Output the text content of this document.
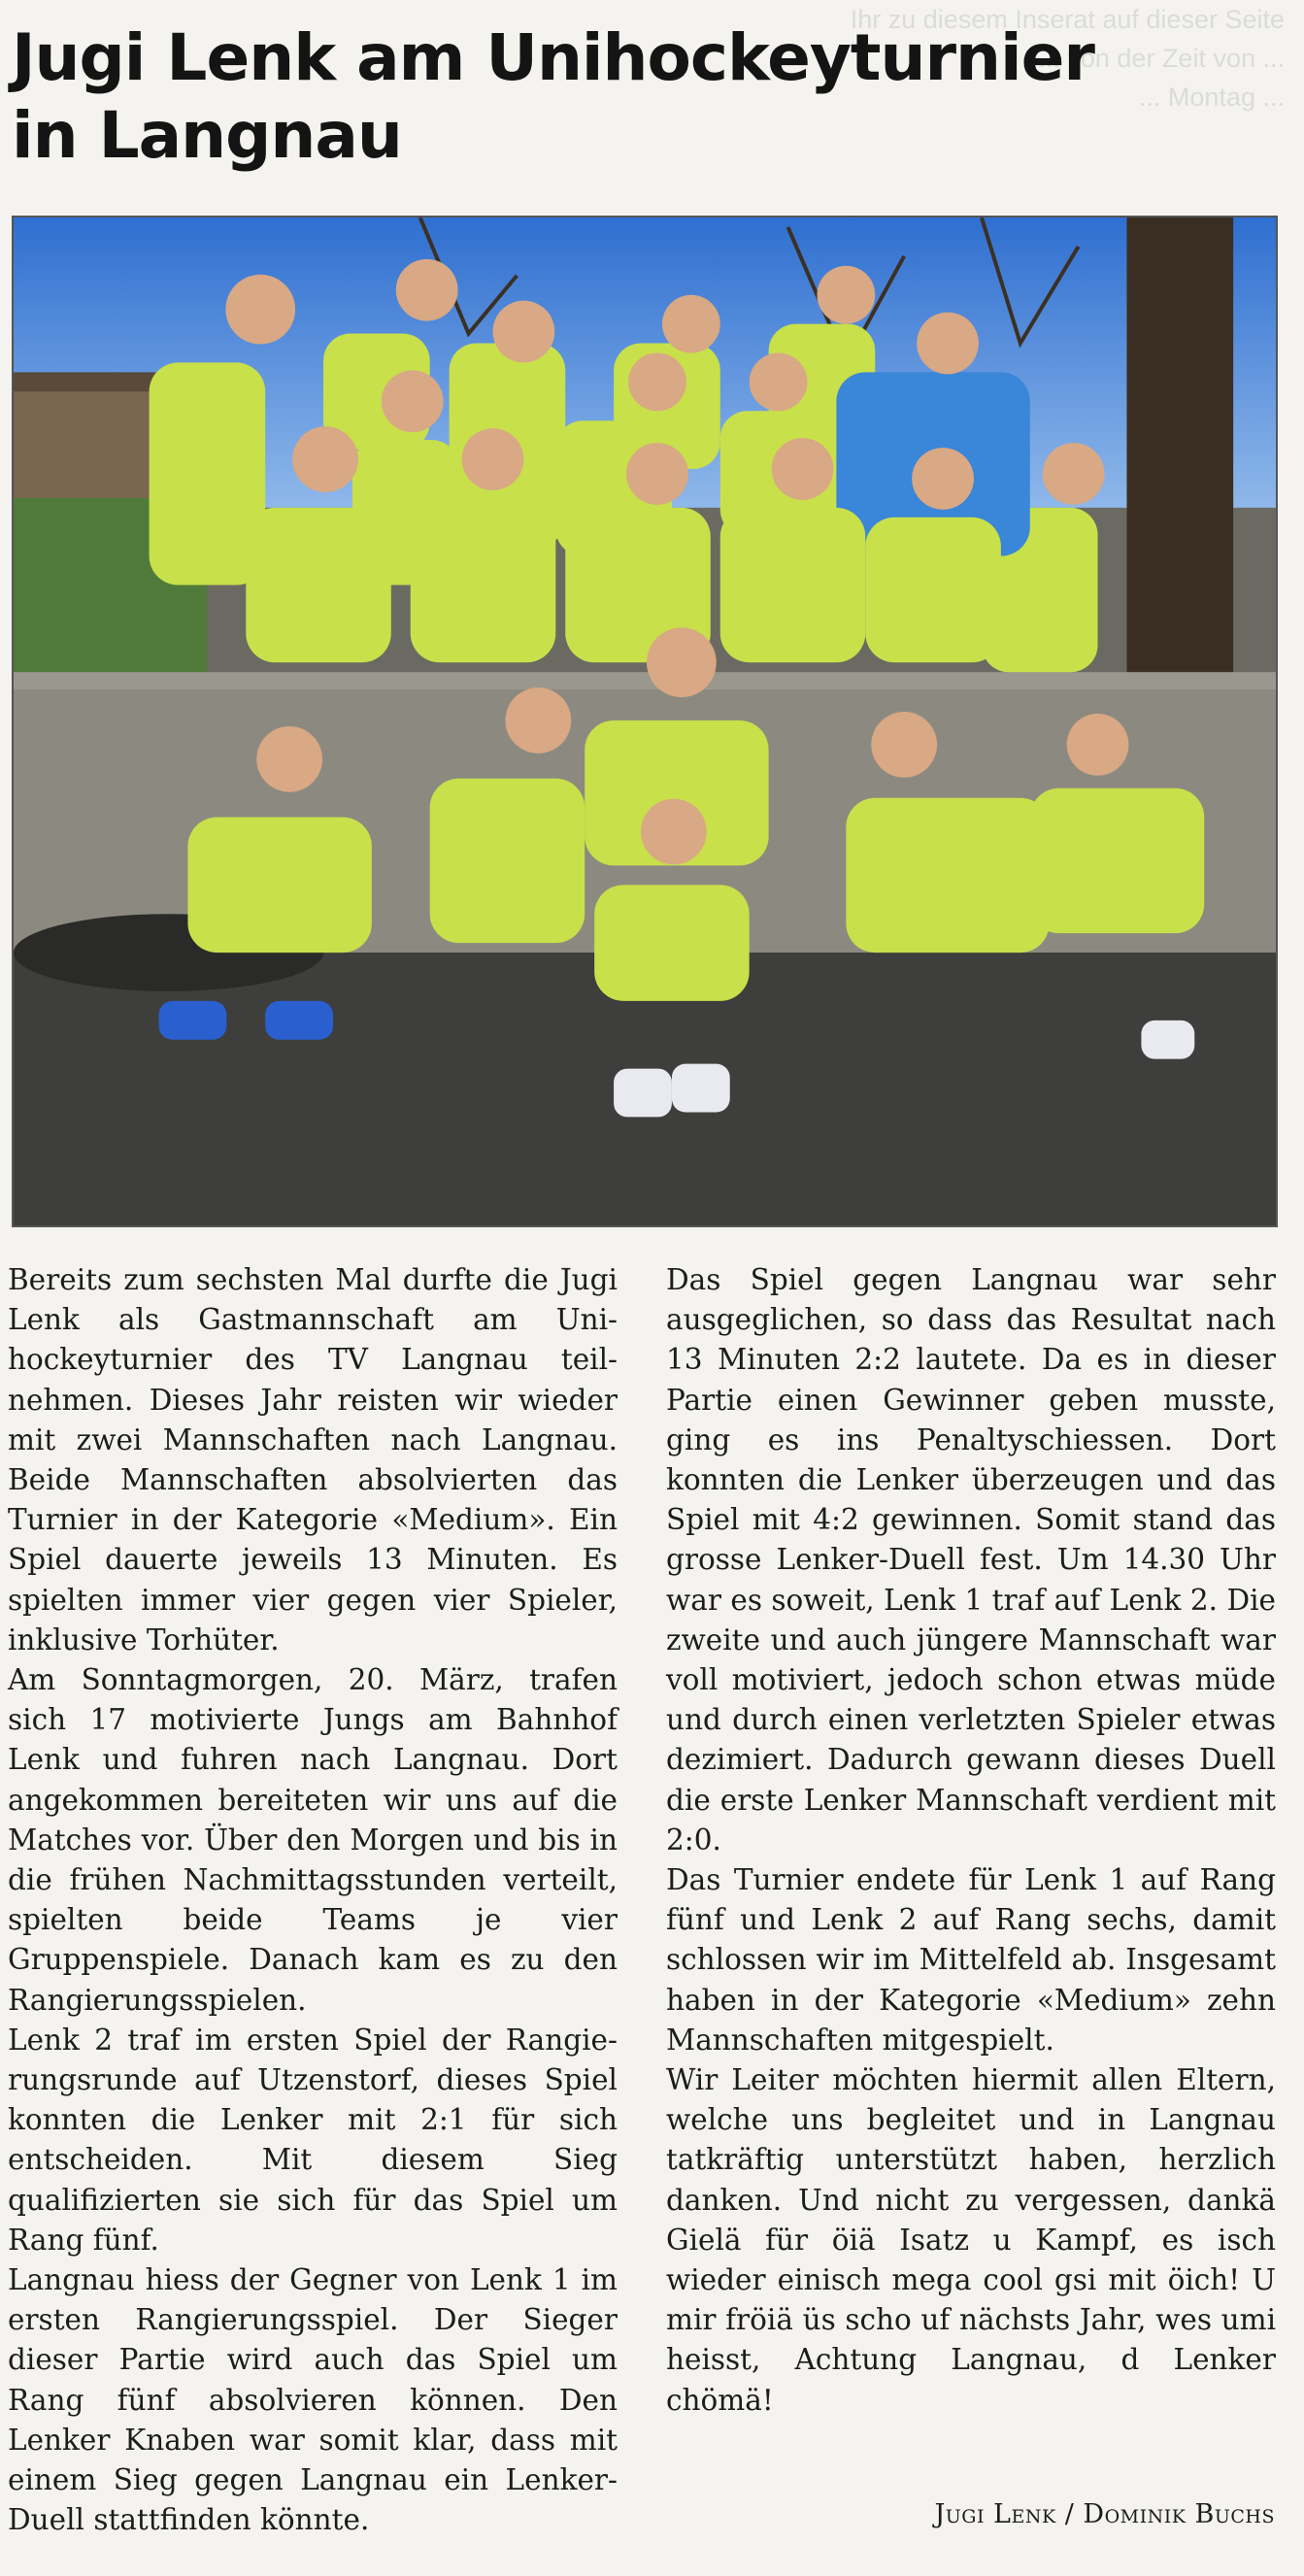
Ihr zu diesem Inserat auf dieser Seite
... von der Zeit von ...
... Montag ...
Jugi Lenk am Unihockeyturnier
in Langnau

Bereits zum sechsten Mal durfte die Jugi Lenk als Gastmannschaft am Unihockeyturnier des TV Langnau teilnehmen. Dieses Jahr reisten wir wieder mit zwei Mannschaften nach Langnau. Beide Mannschaften absolvierten das Turnier in der Kategorie «Medium». Ein Spiel dauerte jeweils 13 Minuten. Es spielten immer vier gegen vier Spieler, inklusive Torhüter.

Am Sonntagmorgen, 20. März, trafen sich 17 motivierte Jungs am Bahnhof Lenk und fuhren nach Langnau. Dort angekommen bereiteten wir uns auf die Matches vor. Über den Morgen und bis in die frühen Nachmittagsstunden verteilt, spielten beide Teams je vier Gruppenspiele. Danach kam es zu den Rangierungsspielen.

Lenk 2 traf im ersten Spiel der Rangierungsrunde auf Utzenstorf, dieses Spiel konnten die Lenker mit 2:1 für sich entscheiden. Mit diesem Sieg qualifizierten sie sich für das Spiel um Rang fünf.

Langnau hiess der Gegner von Lenk 1 im ersten Rangierungsspiel. Der Sieger dieser Partie wird auch das Spiel um Rang fünf absolvieren können. Den Lenker Knaben war somit klar, dass mit einem Sieg gegen Langnau ein Lenker-Duell stattfinden könnte.

Das Spiel gegen Langnau war sehr ausgeglichen, so dass das Resultat nach 13 Minuten 2:2 lautete. Da es in dieser Partie einen Gewinner geben musste, ging es ins Penaltyschiessen. Dort konnten die Lenker überzeugen und das Spiel mit 4:2 gewinnen. Somit stand das grosse Lenker-Duell fest. Um 14.30 Uhr war es soweit, Lenk 1 traf auf Lenk 2. Die zweite und auch jüngere Mannschaft war voll motiviert, jedoch schon etwas müde und durch einen verletzten Spieler etwas dezimiert. Dadurch gewann dieses Duell die erste Lenker Mannschaft verdient mit 2:0.

Das Turnier endete für Lenk 1 auf Rang fünf und Lenk 2 auf Rang sechs, damit schlossen wir im Mittelfeld ab. Insgesamt haben in der Kategorie «Medium» zehn Mannschaften mitgespielt.

Wir Leiter möchten hiermit allen Eltern, welche uns begleitet und in Langnau tatkräftig unterstützt haben, herzlich danken. Und nicht zu vergessen, dankä Gielä für öiä Isatz u Kampf, es isch wieder einisch mega cool gsi mit öich! U mir fröiä üs scho uf nächsts Jahr, wes umi heisst, Achtung Langnau, d Lenker chömä!

Jugi Lenk / Dominik Buchs
